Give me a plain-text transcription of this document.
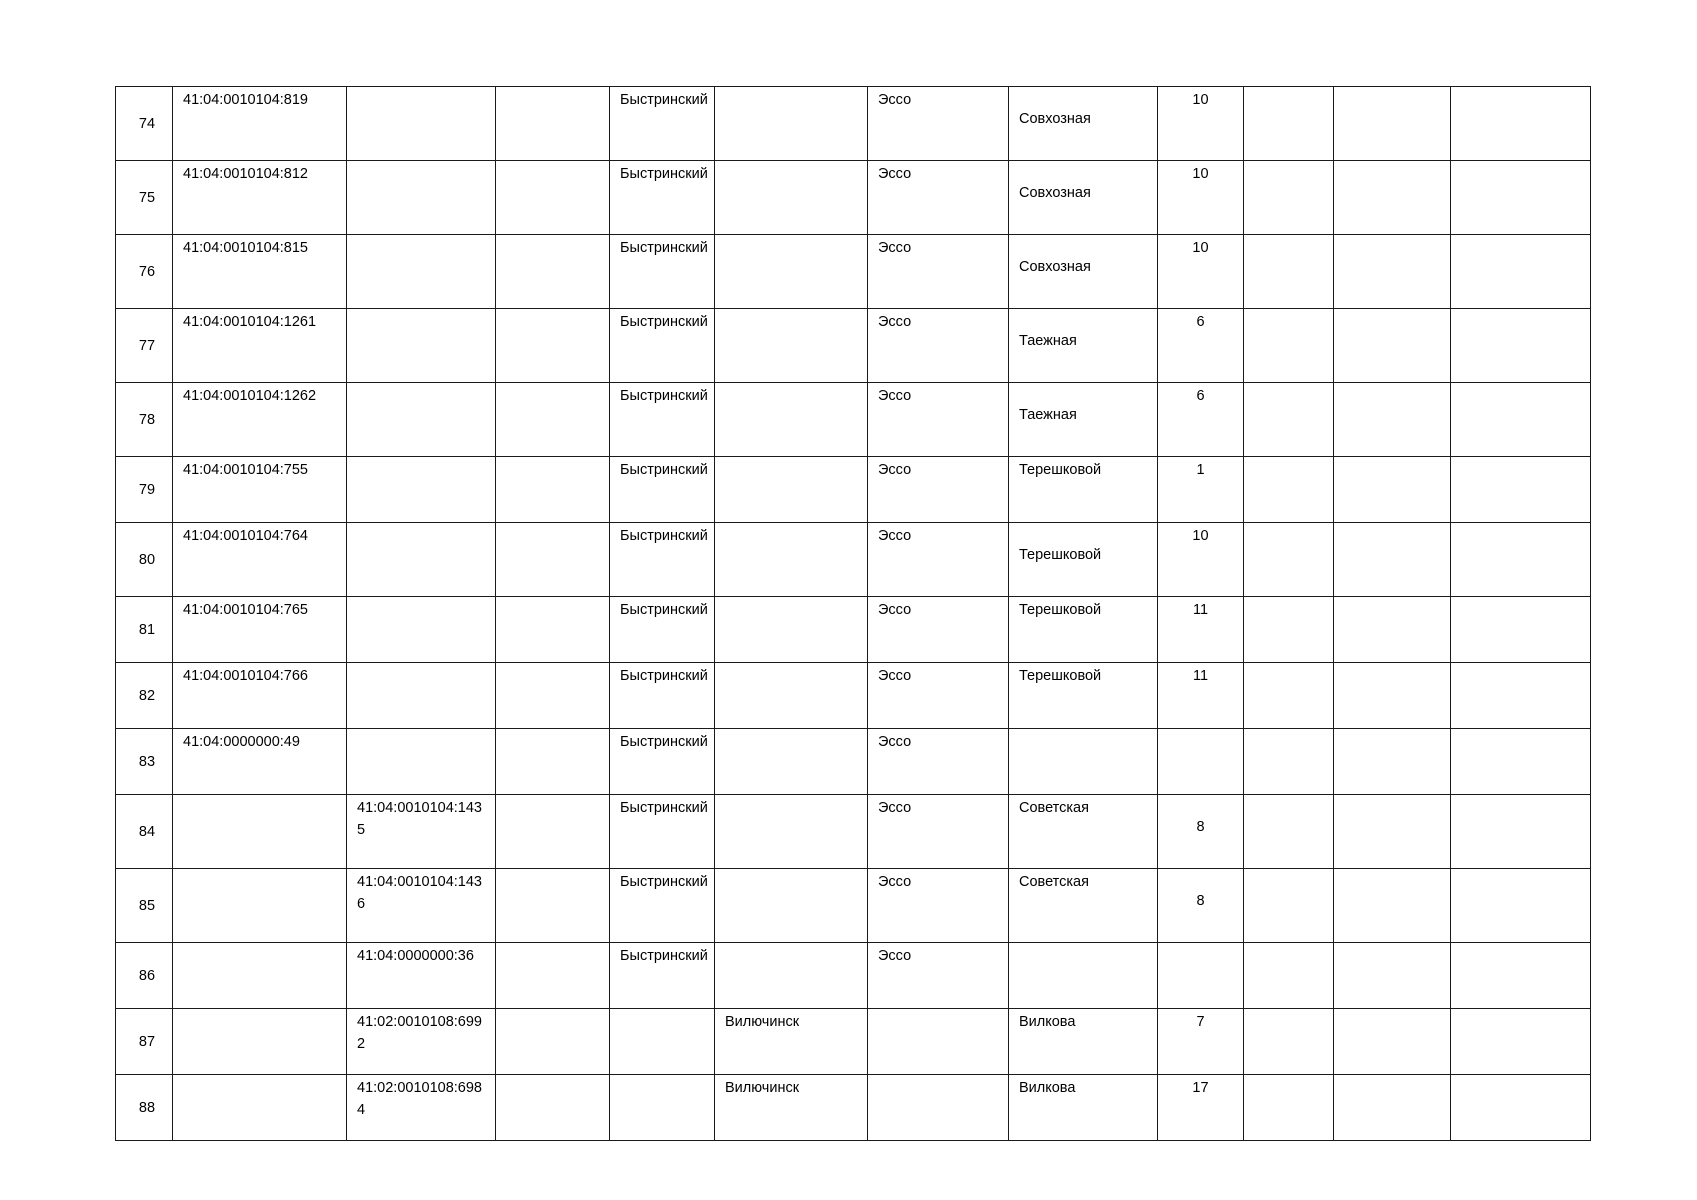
74	41:04:0010104:819			Быстринский		Эссо	Совхозная	10			
75	41:04:0010104:812			Быстринский		Эссо	Совхозная	10			
76	41:04:0010104:815			Быстринский		Эссо	Совхозная	10			
77	41:04:0010104:1261			Быстринский		Эссо	Таежная	6			
78	41:04:0010104:1262			Быстринский		Эссо	Таежная	6			
79	41:04:0010104:755			Быстринский		Эссо	Терешковой	1			
80	41:04:0010104:764			Быстринский		Эссо	Терешковой	10			
81	41:04:0010104:765			Быстринский		Эссо	Терешковой	11			
82	41:04:0010104:766			Быстринский		Эссо	Терешковой	11			
83	41:04:0000000:49			Быстринский		Эссо					
84		41:04:0010104:1435		Быстринский		Эссо	Советская	8			
85		41:04:0010104:1436		Быстринский		Эссо	Советская	8			
86		41:04:0000000:36		Быстринский		Эссо					
87		41:02:0010108:6992			Вилючинск		Вилкова	7			
88		41:02:0010108:6984			Вилючинск		Вилкова	17			
